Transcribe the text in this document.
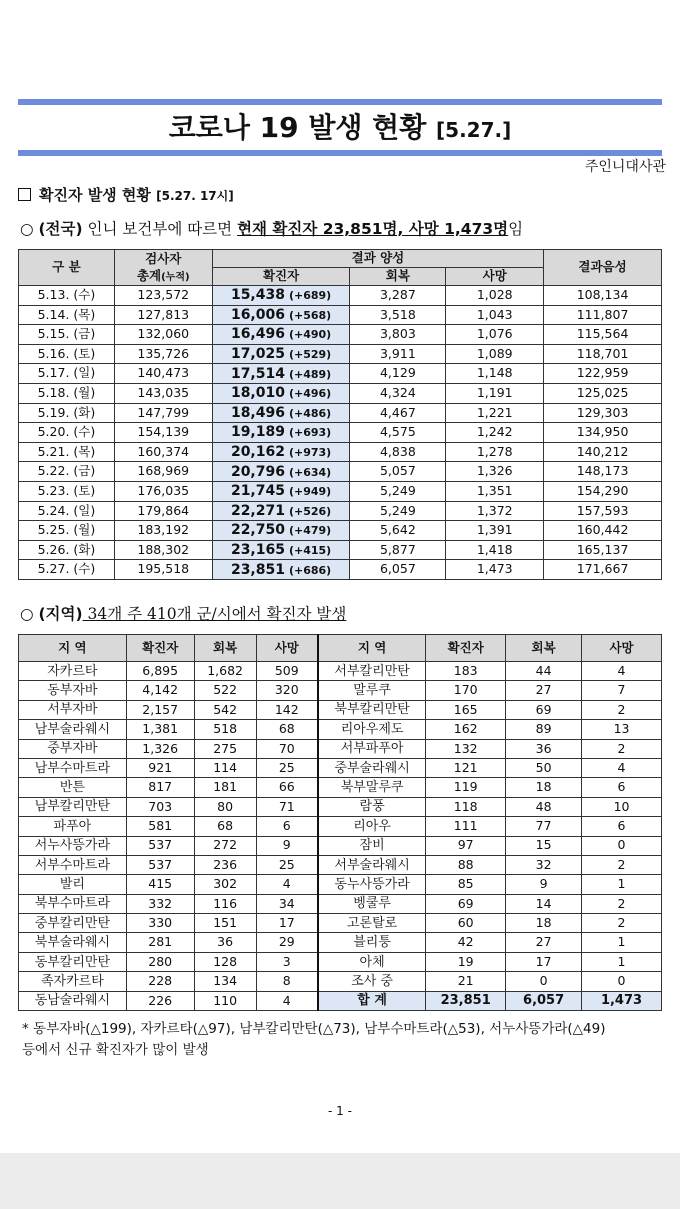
코로나 19 발생 현황 [5.27.]
주인니대사관
확진자 발생 현황 [5.27. 17시]
○ (전국) 인니 보건부에 따르면 현재 확진자 23,851명, 사망 1,473명임
구 분	검사자	결과 양성			결과음성
	총계(누적)	확진자	회복	사망	
5.13. (수)	123,572	15,438 (+689)	3,287	1,028	108,134
5.14. (목)	127,813	16,006 (+568)	3,518	1,043	111,807
5.15. (금)	132,060	16,496 (+490)	3,803	1,076	115,564
5.16. (토)	135,726	17,025 (+529)	3,911	1,089	118,701
5.17. (일)	140,473	17,514 (+489)	4,129	1,148	122,959
5.18. (월)	143,035	18,010 (+496)	4,324	1,191	125,025
5.19. (화)	147,799	18,496 (+486)	4,467	1,221	129,303
5.20. (수)	154,139	19,189 (+693)	4,575	1,242	134,950
5.21. (목)	160,374	20,162 (+973)	4,838	1,278	140,212
5.22. (금)	168,969	20,796 (+634)	5,057	1,326	148,173
5.23. (토)	176,035	21,745 (+949)	5,249	1,351	154,290
5.24. (일)	179,864	22,271 (+526)	5,249	1,372	157,593
5.25. (월)	183,192	22,750 (+479)	5,642	1,391	160,442
5.26. (화)	188,302	23,165 (+415)	5,877	1,418	165,137
5.27. (수)	195,518	23,851 (+686)	6,057	1,473	171,667
○ (지역) 34개 주 410개 군/시에서 확진자 발생
지 역	확진자	회복	사망	지 역	확진자	회복	사망
자카르타	6,895	1,682	509	서부칼리만탄	183	44	4
동부자바	4,142	522	320	말루쿠	170	27	7
서부자바	2,157	542	142	북부칼리만탄	165	69	2
남부술라웨시	1,381	518	68	리아우제도	162	89	13
중부자바	1,326	275	70	서부파푸아	132	36	2
남부수마트라	921	114	25	중부술라웨시	121	50	4
반튼	817	181	66	북부말루쿠	119	18	6
남부칼리만탄	703	80	71	람풍	118	48	10
파푸아	581	68	6	리아우	111	77	6
서누사뜽가라	537	272	9	잠비	97	15	0
서부수마트라	537	236	25	서부술라웨시	88	32	2
발리	415	302	4	동누사뜽가라	85	9	1
북부수마트라	332	116	34	벵쿨루	69	14	2
중부칼리만탄	330	151	17	고론탈로	60	18	2
북부술라웨시	281	36	29	블리퉁	42	27	1
동부칼리만탄	280	128	3	아체	19	17	1
족자카르타	228	134	8	조사 중	21	0	0
동남술라웨시	226	110	4	합 계	23,851	6,057	1,473
* 동부자바(△199), 자카르타(△97), 남부칼리만탄(△73), 남부수마트라(△53), 서누사뜽가라(△49)
등에서 신규 확진자가 많이 발생
- 1 -
